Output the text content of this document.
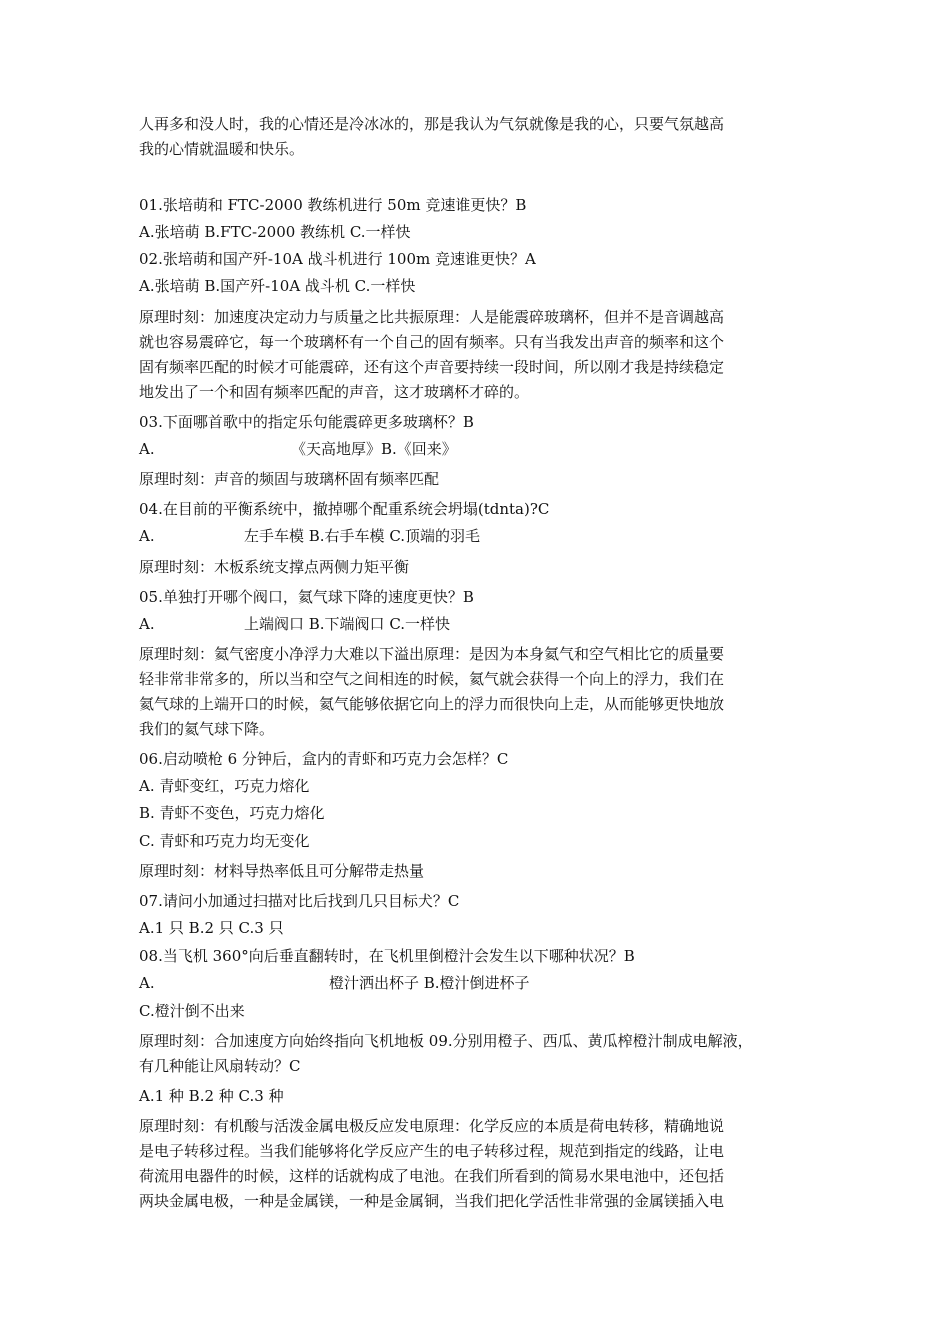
人再多和没人时，我的心情还是冷冰冰的，那是我认为气氛就像是我的心，只要气氛越高
我的心情就温暖和快乐。
01.张培萌和 FTC-2000 教练机进行 50m 竞速谁更快？B
A.张培萌 B.FTC-2000 教练机 C.一样快
02.张培萌和国产歼-10A 战斗机进行 100m 竞速谁更快？A
A.张培萌 B.国产歼-10A 战斗机 C.一样快
原理时刻：加速度决定动力与质量之比共振原理：人是能震碎玻璃杯，但并不是音调越高
就也容易震碎它，每一个玻璃杯有一个自己的固有频率。只有当我发出声音的频率和这个
固有频率匹配的时候才可能震碎，还有这个声音要持续一段时间，所以刚才我是持续稳定
地发出了一个和固有频率匹配的声音，这才玻璃杯才碎的。
03.下面哪首歌中的指定乐句能震碎更多玻璃杯？B
A.	《天高地厚》B.《回来》
原理时刻：声音的频固与玻璃杯固有频率匹配
04.在目前的平衡系统中，撤掉哪个配重系统会坍塌(tdnta)?C
A.	左手车模 B.右手车模 C.顶端的羽毛
原理时刻：木板系统支撑点两侧力矩平衡
05.单独打开哪个阀口，氦气球下降的速度更快？B
A.	上端阀口 B.下端阀口 C.一样快
原理时刻：氦气密度小净浮力大难以下溢出原理：是因为本身氦气和空气相比它的质量要
轻非常非常多的，所以当和空气之间相连的时候，氦气就会获得一个向上的浮力，我们在
氦气球的上端开口的时候，氦气能够依据它向上的浮力而很快向上走，从而能够更快地放
我们的氦气球下降。
06.启动喷枪 6 分钟后，盒内的青虾和巧克力会怎样？C
A. 青虾变红，巧克力熔化
B. 青虾不变色，巧克力熔化
C. 青虾和巧克力均无变化
原理时刻：材料导热率低且可分解带走热量
07.请问小加通过扫描对比后找到几只目标犬？C
A.1 只 B.2 只 C.3 只
08.当飞机 360°向后垂直翻转时，在飞机里倒橙汁会发生以下哪种状况？B
A.	橙汁洒出杯子 B.橙汁倒进杯子
C.橙汁倒不出来
原理时刻：合加速度方向始终指向飞机地板 09.分别用橙子、西瓜、黄瓜榨橙汁制成电解液，
有几种能让风扇转动？C
A.1 种 B.2 种 C.3 种
原理时刻：有机酸与活泼金属电极反应发电原理：化学反应的本质是荷电转移，精确地说
是电子转移过程。当我们能够将化学反应产生的电子转移过程，规范到指定的线路，让电
荷流用电器件的时候，这样的话就构成了电池。在我们所看到的简易水果电池中，还包括
两块金属电极，一种是金属镁，一种是金属铜，当我们把化学活性非常强的金属镁插入电
